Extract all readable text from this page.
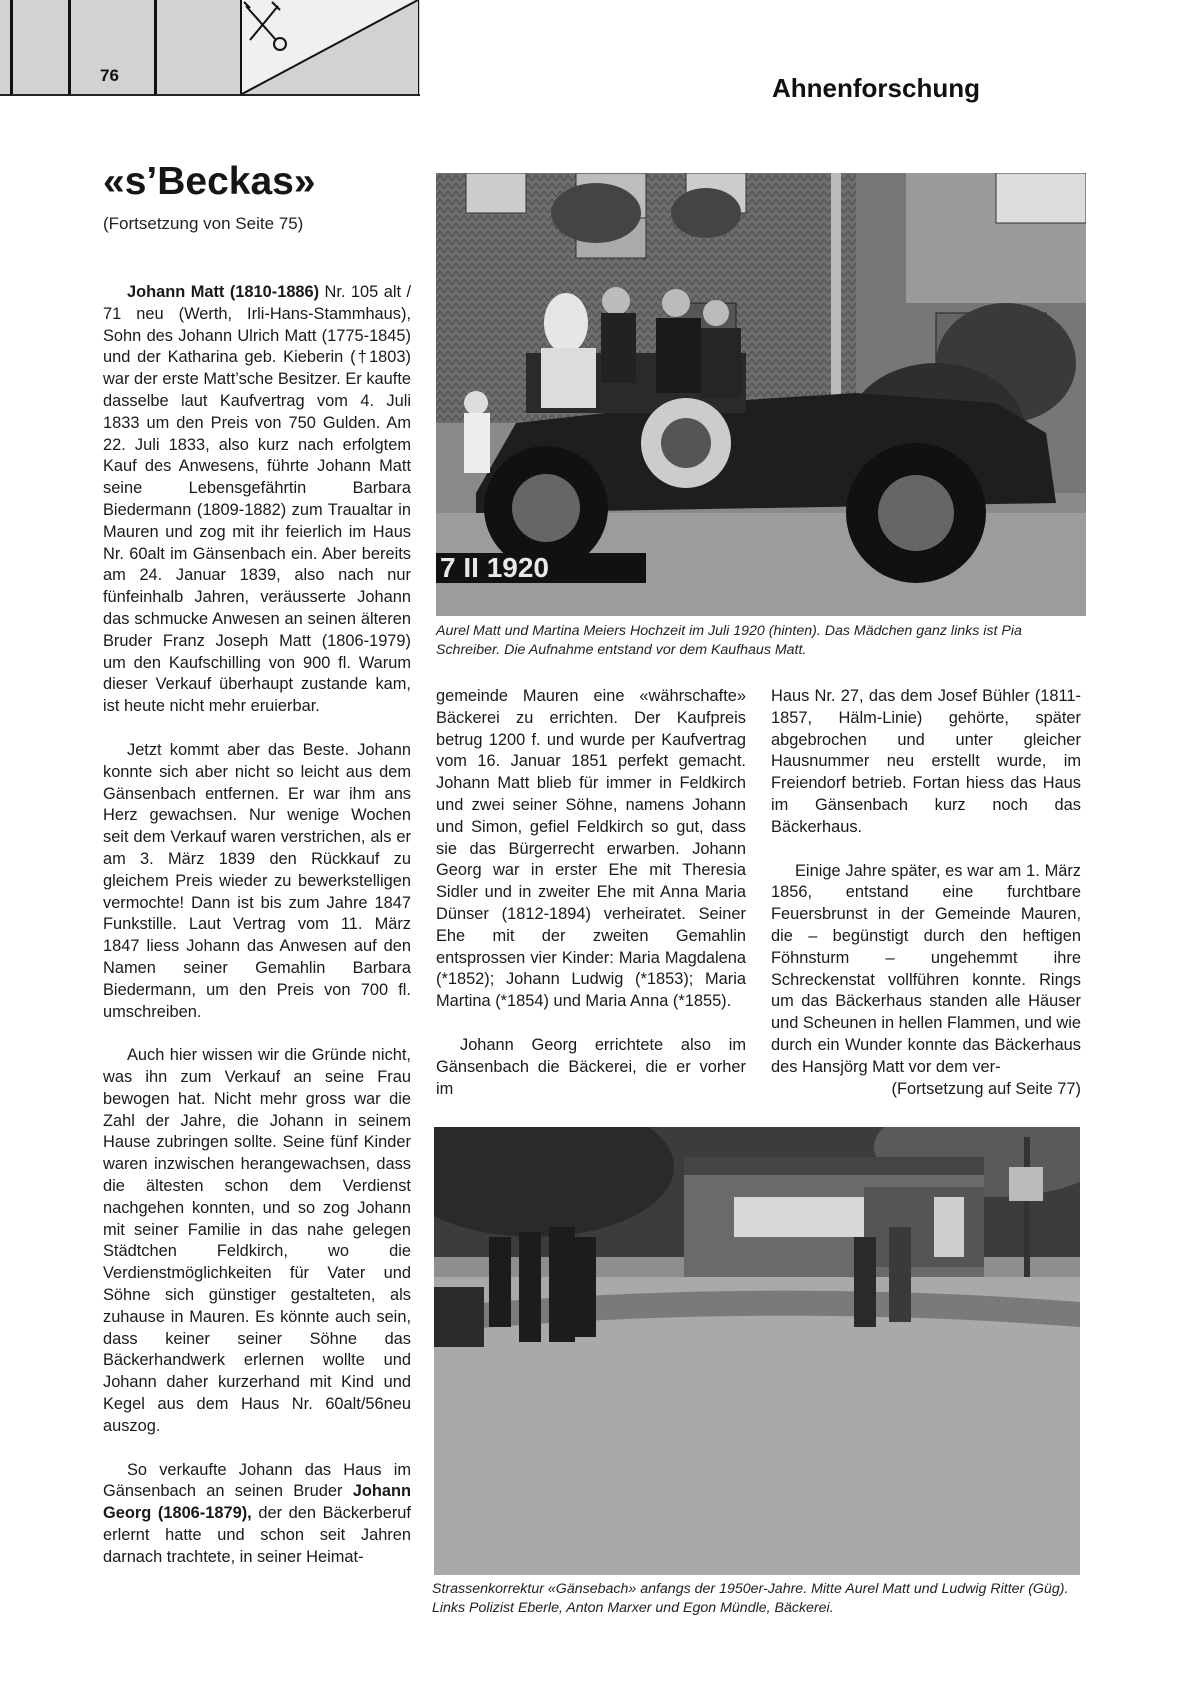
76	Ahnenforschung
«s’Beckas»
(Fortsetzung von Seite 75)

Johann Matt (1810-1886) Nr. 105 alt / 71 neu (Werth, Irli-Hans-Stammhaus), Sohn des Johann Ulrich Matt (1775-1845) und der Katharina geb. Kieberin (†1803) war der erste Matt’sche Besitzer. Er kaufte dasselbe laut Kaufvertrag vom 4. Juli 1833 um den Preis von 750 Gulden. Am 22. Juli 1833, also kurz nach erfolgtem Kauf des Anwesens, führte Johann Matt seine Lebensgefährtin Barbara Biedermann (1809-1882) zum Traualtar in Mauren und zog mit ihr feierlich im Haus Nr. 60alt im Gänsenbach ein. Aber bereits am 24. Januar 1839, also nach nur fünfeinhalb Jahren, veräusserte Johann das schmucke Anwesen an seinen älteren Bruder Franz Joseph Matt (1806-1979) um den Kaufschilling von 900 fl. Warum dieser Verkauf überhaupt zustande kam, ist heute nicht mehr eruierbar.

Jetzt kommt aber das Beste. Johann konnte sich aber nicht so leicht aus dem Gänsenbach entfernen. Er war ihm ans Herz gewachsen. Nur wenige Wochen seit dem Verkauf waren verstrichen, als er am 3. März 1839 den Rückkauf zu gleichem Preis wieder zu bewerkstelligen vermochte! Dann ist bis zum Jahre 1847 Funkstille. Laut Vertrag vom 11. März 1847 liess Johann das Anwesen auf den Namen seiner Gemahlin Barbara Biedermann, um den Preis von 700 fl. umschreiben.

Auch hier wissen wir die Gründe nicht, was ihn zum Verkauf an seine Frau bewogen hat. Nicht mehr gross war die Zahl der Jahre, die Johann in seinem Hause zubringen sollte. Seine fünf Kinder waren inzwischen herangewachsen, dass die ältesten schon dem Verdienst nachgehen konnten, und so zog Johann mit seiner Familie in das nahe gelegen Städtchen Feldkirch, wo die Verdienstmöglichkeiten für Vater und Söhne sich günstiger gestalteten, als zuhause in Mauren. Es könnte auch sein, dass keiner seiner Söhne das Bäckerhandwerk erlernen wollte und Johann daher kurzerhand mit Kind und Kegel aus dem Haus Nr. 60alt/56neu auszog.

So verkaufte Johann das Haus im Gänsenbach an seinen Bruder Johann Georg (1806-1879), der den Bäckerberuf erlernt hatte und schon seit Jahren darnach trachtete, in seiner Heimat-

7 II 1920
Aurel Matt und Martina Meiers Hochzeit im Juli 1920 (hinten). Das Mädchen ganz links ist Pia Schreiber. Die Aufnahme entstand vor dem Kaufhaus Matt.

gemeinde Mauren eine «währschafte» Bäckerei zu errichten. Der Kaufpreis betrug 1200 f. und wurde per Kaufvertrag vom 16. Januar 1851 perfekt gemacht. Johann Matt blieb für immer in Feldkirch und zwei seiner Söhne, namens Johann und Simon, gefiel Feldkirch so gut, dass sie das Bürgerrecht erwarben. Johann Georg war in erster Ehe mit Theresia Sidler und in zweiter Ehe mit Anna Maria Dünser (1812-1894) verheiratet. Seiner Ehe mit der zweiten Gemahlin entsprossen vier Kinder: Maria Magdalena (*1852); Johann Ludwig (*1853); Maria Martina (*1854) und Maria Anna (*1855).

Johann Georg errichtete also im Gänsenbach die Bäckerei, die er vorher im

Haus Nr. 27, das dem Josef Bühler (1811-1857, Hälm-Linie) gehörte, später abgebrochen und unter gleicher Hausnummer neu erstellt wurde, im Freiendorf betrieb. Fortan hiess das Haus im Gänsenbach kurz noch das Bäckerhaus.

Einige Jahre später, es war am 1. März 1856, entstand eine furchtbare Feuersbrunst in der Gemeinde Mauren, die – begünstigt durch den heftigen Föhnsturm – ungehemmt ihre Schreckenstat vollführen konnte. Rings um das Bäckerhaus standen alle Häuser und Scheunen in hellen Flammen, und wie durch ein Wunder konnte das Bäckerhaus des Hansjörg Matt vor dem ver-

(Fortsetzung auf Seite 77)
Strassenkorrektur «Gänsebach» anfangs der 1950er-Jahre. Mitte Aurel Matt und Ludwig Ritter (Güg). Links Polizist Eberle, Anton Marxer und Egon Mündle, Bäckerei.
